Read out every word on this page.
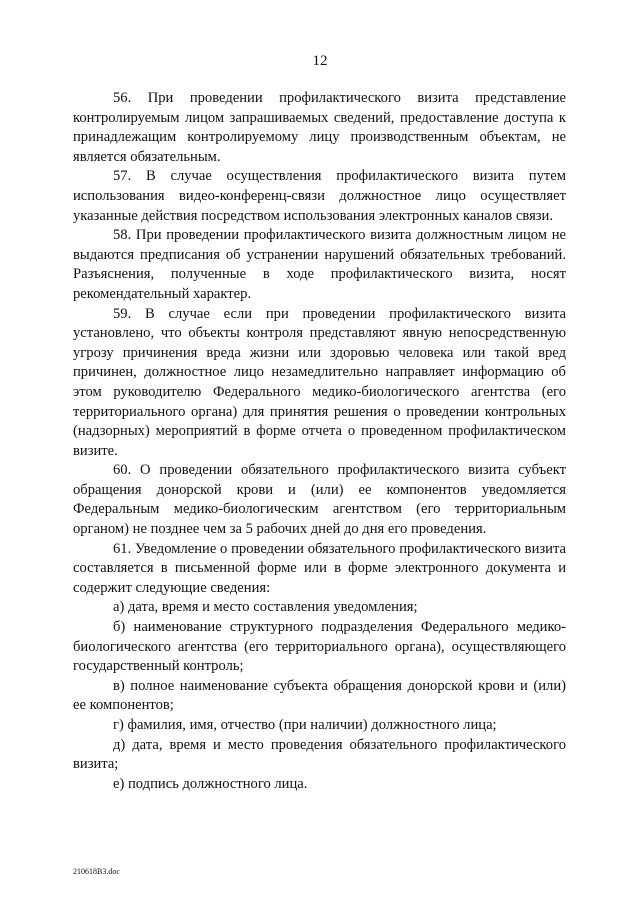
12

56. При проведении профилактического визита представление контролируемым лицом запрашиваемых сведений, предоставление доступа к принадлежащим контролируемому лицу производственным объектам, не является обязательным.

57. В случае осуществления профилактического визита путем использования видео-конференц-связи должностное лицо осуществляет указанные действия посредством использования электронных каналов связи.

58. При проведении профилактического визита должностным лицом не выдаются предписания об устранении нарушений обязательных требований. Разъяснения, полученные в ходе профилактического визита, носят рекомендательный характер.

59. В случае если при проведении профилактического визита установлено, что объекты контроля представляют явную непосредственную угрозу причинения вреда жизни или здоровью человека или такой вред причинен, должностное лицо незамедлительно направляет информацию об этом руководителю Федерального медико-биологического агентства (его территориального органа) для принятия решения о проведении контрольных (надзорных) мероприятий в форме отчета о проведенном профилактическом визите.

60. О проведении обязательного профилактического визита субъект обращения донорской крови и (или) ее компонентов уведомляется Федеральным медико-биологическим агентством (его территориальным органом) не позднее чем за 5 рабочих дней до дня его проведения.

61. Уведомление о проведении обязательного профилактического визита составляется в письменной форме или в форме электронного документа и содержит следующие сведения:

а) дата, время и место составления уведомления;

б) наименование структурного подразделения Федерального медико-биологического агентства (его территориального органа), осуществляющего государственный контроль;

в) полное наименование субъекта обращения донорской крови и (или) ее компонентов;

г) фамилия, имя, отчество (при наличии) должностного лица;

д) дата, время и место проведения обязательного профилактического визита;

е) подпись должностного лица.

210618В3.doc
